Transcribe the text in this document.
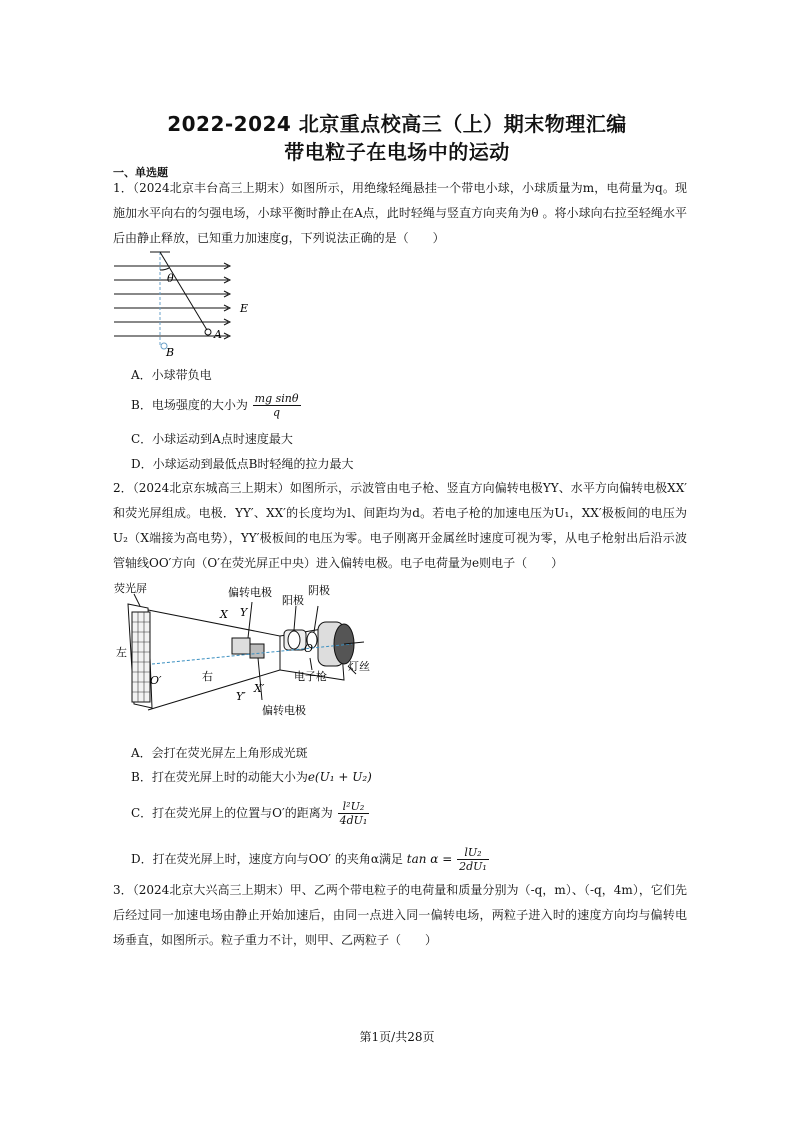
2022-2024 北京重点校高三（上）期末物理汇编
带电粒子在电场中的运动
一、单选题
1．（2024北京丰台高三上期末）如图所示，用绝缘轻绳悬挂一个带电小球，小球质量为m，电荷量为q。现施加水平向右的匀强电场，小球平衡时静止在A点，此时轻绳与竖直方向夹角为θ 。将小球向右拉至轻绳水平后由静止释放，已知重力加速度g，下列说法正确的是（　　）
θ
E
A
B
A．小球带负电
B．电场强度的大小为 $\frac{\text{mg sinθ}}{q}$
C．小球运动到A点时速度最大
D．小球运动到最低点B时轻绳的拉力最大
2．（2024北京东城高三上期末）如图所示，示波管由电子枪、竖直方向偏转电极YY、水平方向偏转电极XX′和荧光屏组成。电极．YY′、XX′的长度均为l、间距均为d。若电子枪的加速电压为U₁，XX′极板间的电压为U₂（X端接为高电势），YY′极板间的电压为零。电子刚离开金属丝时速度可视为零，从电子枪射出后沿示波管轴线OO′方向（O′在荧光屏正中央）进入偏转电极。电子电荷量为e则电子（　　）
荧光屏	偏转电极
阳极
阴极
左
右
X Y
X′
Y′
O
O′	电子枪
灯丝
偏转电极
A．会打在荧光屏左上角形成光斑
B．打在荧光屏上时的动能大小为e(U₁ + U₂)
C．打在荧光屏上的位置与O′的距离为 $\frac{\text{l²U₂}}{\text{4dU₁}}$
D．打在荧光屏上时，速度方向与OO′ 的夹角α满足 $\tan \alpha = \frac{\text{lU₂}}{\text{2dU₁}}$
3．（2024北京大兴高三上期末）甲、乙两个带电粒子的电荷量和质量分别为（-q，m）、（-q，4m），它们先后经过同一加速电场由静止开始加速后，由同一点进入同一偏转电场，两粒子进入时的速度方向均与偏转电场垂直，如图所示。粒子重力不计，则甲、乙两粒子（　　）
第1页/共28页
